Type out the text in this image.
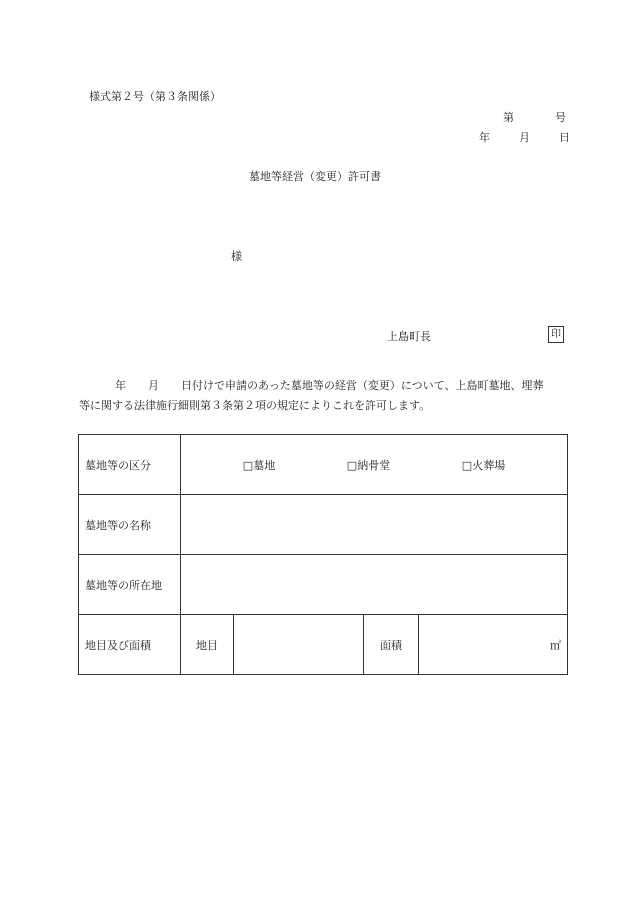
様式第２号（第３条関係）
第	号
年	月	日
墓地等経営（変更）許可書
様
上島町長	印
年　　月　　日付けで申請のあった墓地等の経営（変更）について、上島町墓地、埋葬
等に関する法律施行細則第３条第２項の規定によりこれを許可します。
墓地等の区分	□墓地 □納骨堂 □火葬場			

墓地等の名称				
墓地等の所在地				
地目及び面積	地目		面積	㎡
